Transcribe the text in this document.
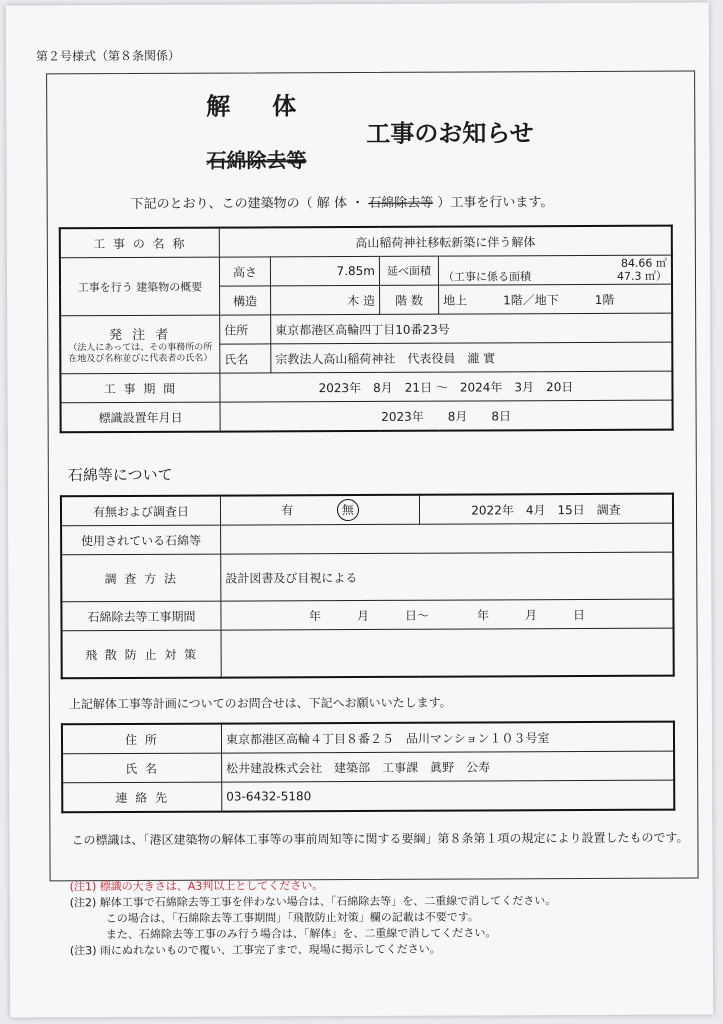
第２号様式（第８条関係）
解体
工事のお知らせ
石綿除去等
下記のとおり、この建築物の（ 解 体 ・ 石綿除去等 ）工事を行います。
工 事 の 名 称	高山稲荷神社移転新築に伴う解体			
工事を行う 建築物の概要	高さ	7.85m	延べ面積	84.66 ㎡
（工事に係る面積 47.3 ㎡）

	構造	木 造	階 数	地上　　　1階／地下　　　1階

発 注 者
（法人にあっては、その事務所の所在地及び名称並びに代表者の氏名）	住所	東京都港区高輪四丁目10番23号		
	氏名	宗教法人高山稲荷神社　代表役員　瀧 實		
工 事 期 間	2023年　8月　21日 〜　2024年　3月　20日			
標識設置年月日	2023年　　8月　　8日			
石綿等について
有無および調査日	有 　　　 無	2022年　4月　15日　調査
使用されている石綿等		
調 査 方 法	設計図書及び目視による	
石綿除去等工事期間	年　　　月　　　日〜　　　　年　　　月　　　日	
飛 散 防 止 対 策		
上記解体工事等計画についてのお問合せは、下記へお願いいたします。
住 所	東京都港区高輪４丁目８番２５　品川マンション１０３号室
氏 名	松井建設株式会社　建築部　工事課　眞野　公寿
連 絡 先	03-6432-5180
この標識は、「港区建築物の解体工事等の事前周知等に関する要綱」第８条第１項の規定により設置したものです。
(注1) 標識の大きさは、A3判以上としてください。
(注2) 解体工事で石綿除去等工事を伴わない場合は、「石綿除去等」を、二重線で消してください。
この場合は、「石綿除去等工事期間」「飛散防止対策」欄の記載は不要です。
また、石綿除去等工事のみ行う場合は、「解体」を、二重線で消してください。
(注3) 雨にぬれないもので覆い、工事完了まで、現場に掲示してください。
